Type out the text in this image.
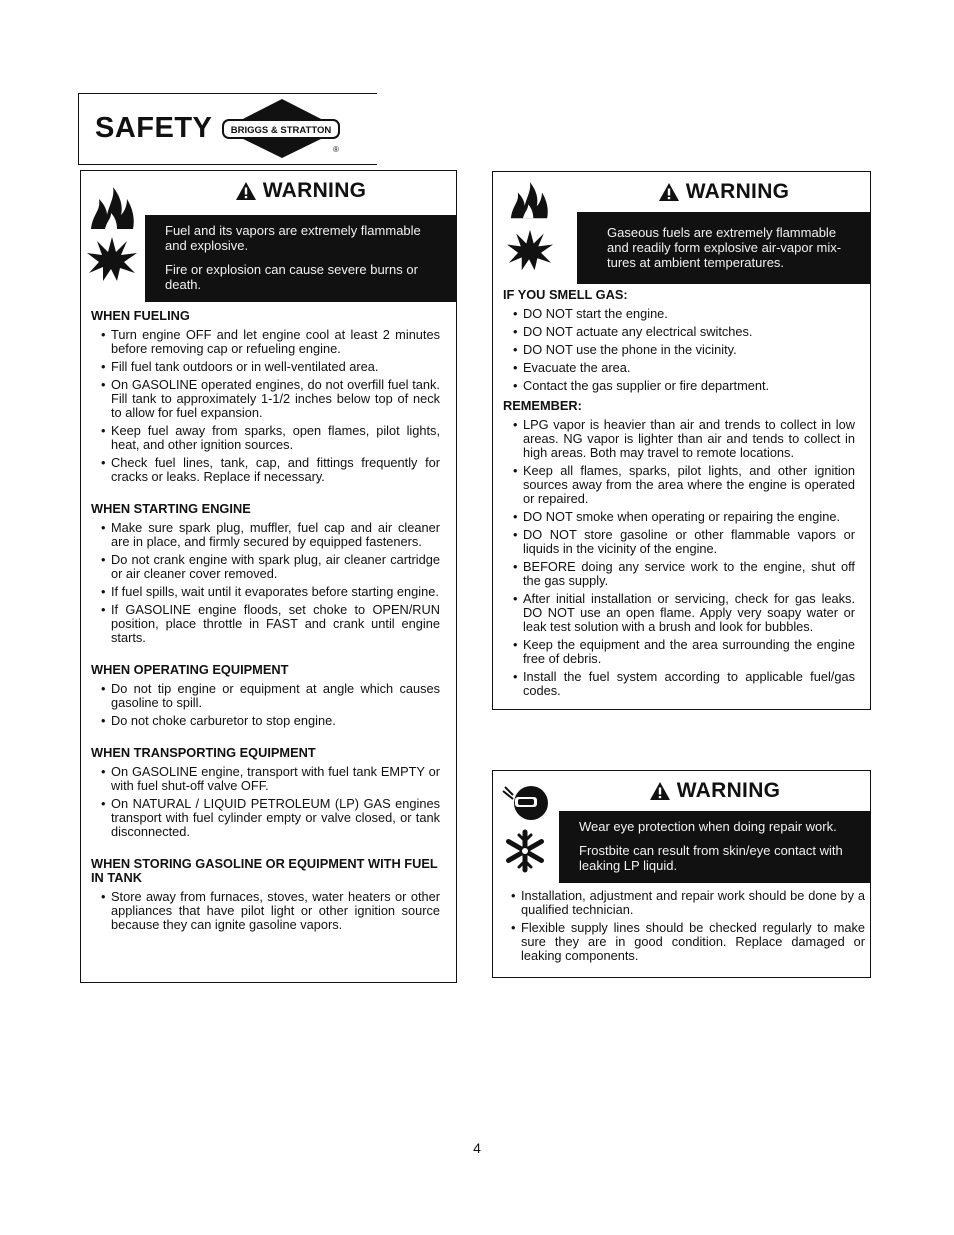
SAFETY BRIGGS & STRATTON
®
WARNING

Fuel and its vapors are extremely flammable and explosive.

Fire or explosion can cause severe burns or death.

WHEN FUELING
• Turn engine OFF and let engine cool at least 2 minutes before removing cap or refueling engine.
• Fill fuel tank outdoors or in well-ventilated area.
• On GASOLINE operated engines, do not overfill fuel tank. Fill tank to approximately 1-1/2 inches below top of neck to allow for fuel expansion.
• Keep fuel away from sparks, open flames, pilot lights, heat, and other ignition sources.
• Check fuel lines, tank, cap, and fittings frequently for cracks or leaks. Replace if necessary.
WHEN STARTING ENGINE
• Make sure spark plug, muffler, fuel cap and air cleaner are in place, and firmly secured by equipped fasteners.
• Do not crank engine with spark plug, air cleaner cartridge or air cleaner cover removed.
• If fuel spills, wait until it evaporates before starting engine.
• If GASOLINE engine floods, set choke to OPEN/RUN position, place throttle in FAST and crank until engine starts.
WHEN OPERATING EQUIPMENT
• Do not tip engine or equipment at angle which causes gasoline to spill.
• Do not choke carburetor to stop engine.
WHEN TRANSPORTING EQUIPMENT
• On GASOLINE engine, transport with fuel tank EMPTY or with fuel shut-off valve OFF.
• On NATURAL / LIQUID PETROLEUM (LP) GAS engines transport with fuel cylinder empty or valve closed, or tank disconnected.
WHEN STORING GASOLINE OR EQUIPMENT WITH FUEL IN TANK
• Store away from furnaces, stoves, water heaters or other appliances that have pilot light or other ignition source because they can ignite gasoline vapors.
WARNING

Gaseous fuels are extremely flammable and readily form explosive air-vapor mix-tures at ambient temperatures.

IF YOU SMELL GAS:
• DO NOT start the engine.
• DO NOT actuate any electrical switches.
• DO NOT use the phone in the vicinity.
• Evacuate the area.
• Contact the gas supplier or fire department.
REMEMBER:
• LPG vapor is heavier than air and trends to collect in low areas. NG vapor is lighter than air and tends to collect in high areas. Both may travel to remote locations.
• Keep all flames, sparks, pilot lights, and other ignition sources away from the area where the engine is operated or repaired.
• DO NOT smoke when operating or repairing the engine.
• DO NOT store gasoline or other flammable vapors or liquids in the vicinity of the engine.
• BEFORE doing any service work to the engine, shut off the gas supply.
• After initial installation or servicing, check for gas leaks. DO NOT use an open flame. Apply very soapy water or leak test solution with a brush and look for bubbles.
• Keep the equipment and the area surrounding the engine free of debris.
• Install the fuel system according to applicable fuel/gas codes.
WARNING

Wear eye protection when doing repair work.

Frostbite can result from skin/eye contact with leaking LP liquid.

• Installation, adjustment and repair work should be done by a qualified technician.
• Flexible supply lines should be checked regularly to make sure they are in good condition. Replace damaged or leaking components.
4
